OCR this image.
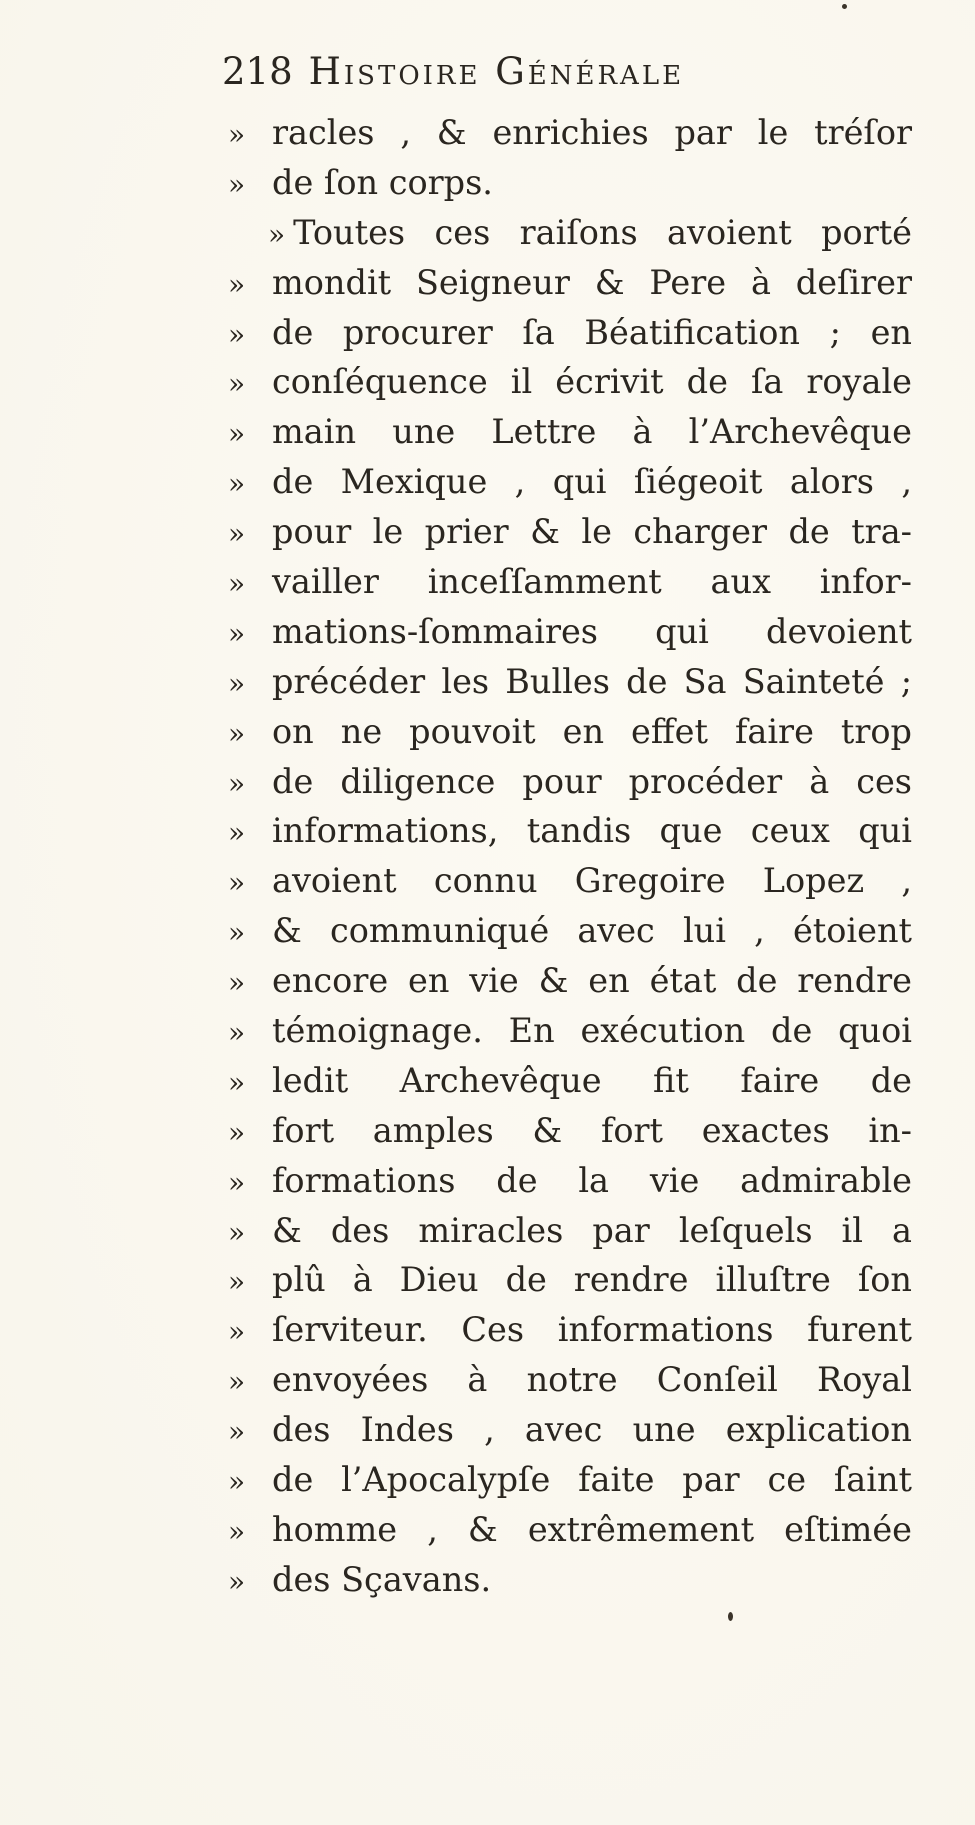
218 Histoire Générale
» racles , & enrichies par le tréſor
» de ſon corps.
» Toutes ces raiſons avoient porté
» mondit Seigneur & Pere à deſirer
» de procurer ſa Béatification ; en
» conſéquence il écrivit de ſa royale
» main une Lettre à l’Archevêque
» de Mexique , qui ſiégeoit alors ,
» pour le prier & le charger de tra-
» vailler inceſſamment aux infor-
» mations-ſommaires qui devoient
» précéder les Bulles de Sa Sainteté ;
» on ne pouvoit en effet faire trop
» de diligence pour procéder à ces
» informations, tandis que ceux qui
» avoient connu Gregoire Lopez ,
» & communiqué avec lui , étoient
» encore en vie & en état de rendre
» témoignage. En exécution de quoi
» ledit Archevêque fit faire de
» fort amples & fort exactes in-
» formations de la vie admirable
» & des miracles par leſquels il a
» plû à Dieu de rendre illuſtre ſon
» ſerviteur. Ces informations furent
» envoyées à notre Conſeil Royal
» des Indes , avec une explication
» de l’Apocalypſe faite par ce ſaint
» homme , & extrêmement eſtimée
» des Sçavans.
